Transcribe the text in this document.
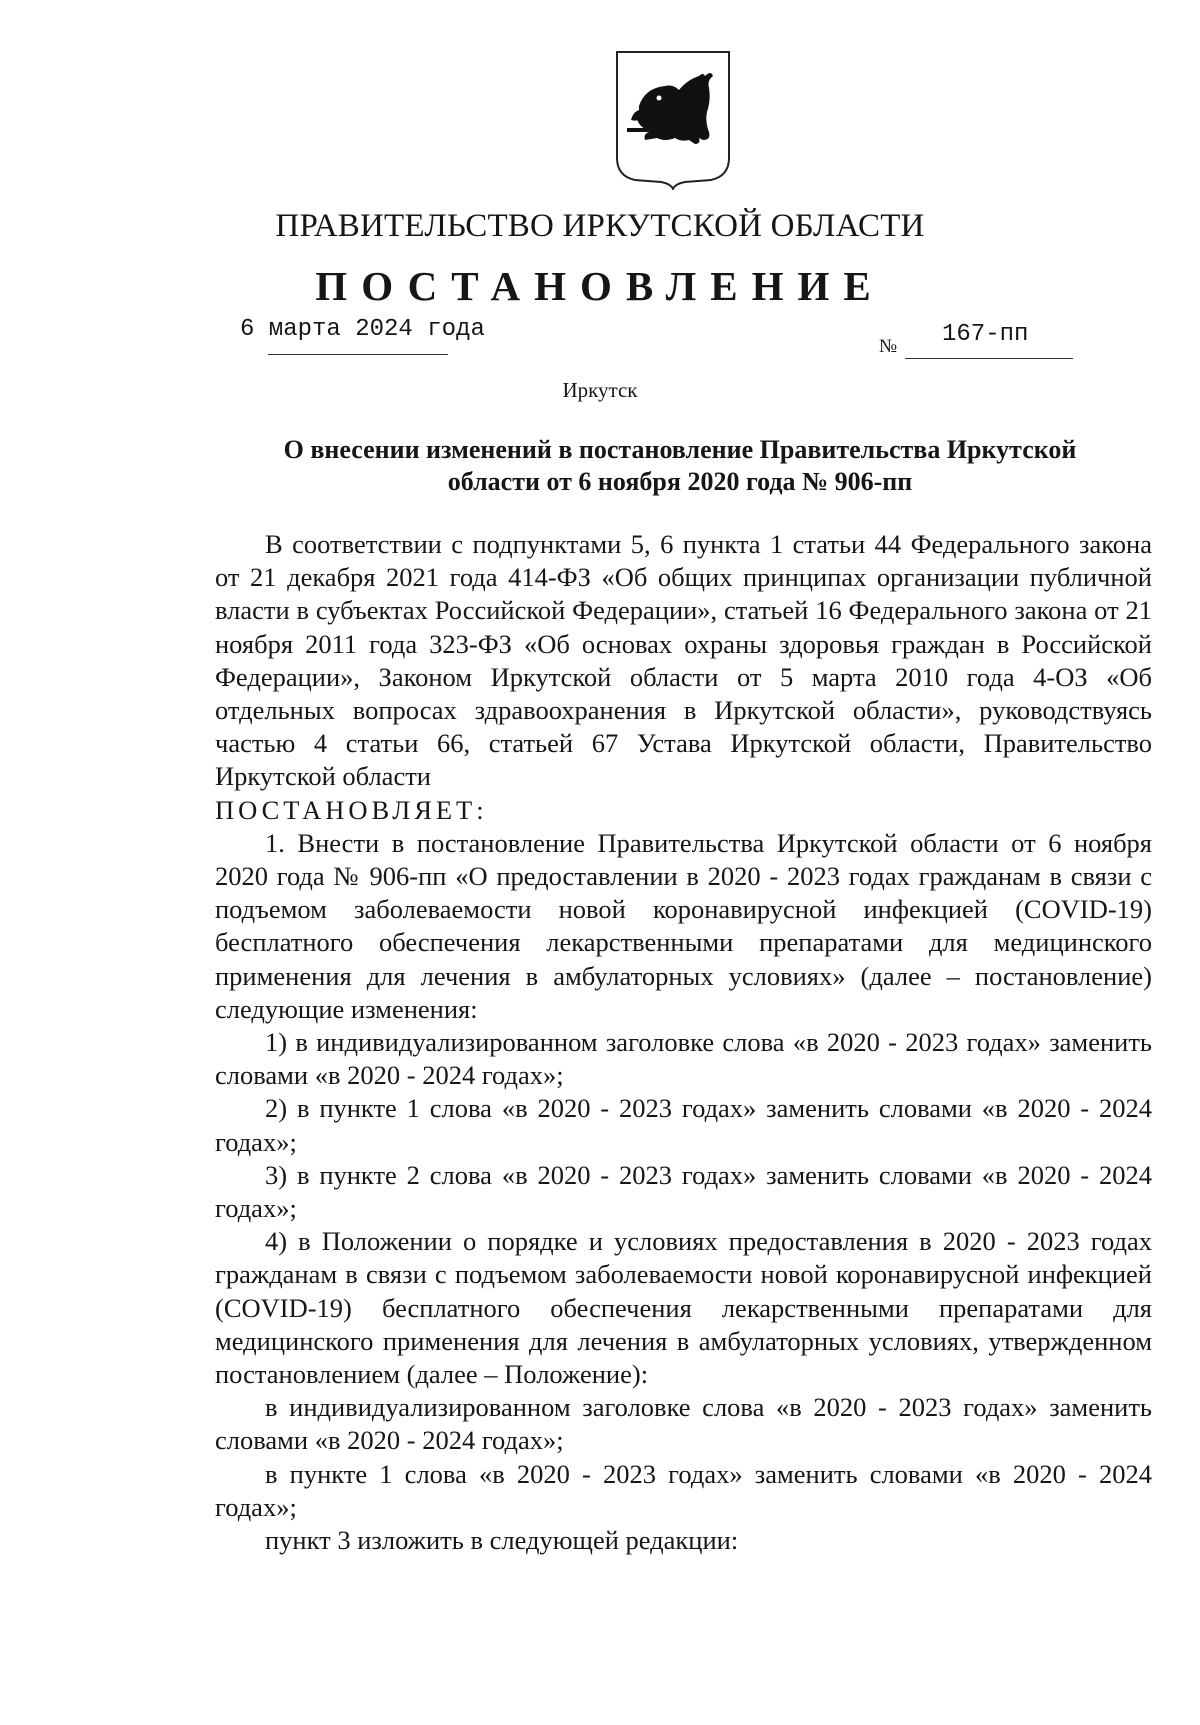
ПРАВИТЕЛЬСТВО ИРКУТСКОЙ ОБЛАСТИ
ПОСТАНОВЛЕНИЕ
6 марта 2024 года
№ 167-пп
Иркутск
О внесении изменений в постановление Правительства Иркутской
области от 6 ноября 2020 года № 906-пп

В соответствии с подпунктами 5, 6 пункта 1 статьи 44 Федерального закона от 21 декабря 2021 года 414-ФЗ «Об общих принципах организации публичной власти в субъектах Российской Федерации», статьей 16 Федерального закона от 21 ноября 2011 года 323-ФЗ «Об основах охраны здоровья граждан в Российской Федерации», Законом Иркутской области от 5 марта 2010 года 4-ОЗ «Об отдельных вопросах здравоохранения в Иркутской области», руководствуясь частью 4 статьи 66, статьей 67 Устава Иркутской области, Правительство Иркутской области

ПОСТАНОВЛЯЕТ:

1. Внести в постановление Правительства Иркутской области от 6 ноября 2020 года № 906-пп «О предоставлении в 2020 - 2023 годах гражданам в связи с подъемом заболеваемости новой коронавирусной инфекцией (COVID-19) бесплатного обеспечения лекарственными препаратами для медицинского применения для лечения в амбулаторных условиях» (далее – постановление) следующие изменения:

1) в индивидуализированном заголовке слова «в 2020 - 2023 годах» заменить словами «в 2020 - 2024 годах»;

2) в пункте 1 слова «в 2020 - 2023 годах» заменить словами «в 2020 - 2024 годах»;

3) в пункте 2 слова «в 2020 - 2023 годах» заменить словами «в 2020 - 2024 годах»;

4) в Положении о порядке и условиях предоставления в 2020 - 2023 годах гражданам в связи с подъемом заболеваемости новой коронавирусной инфекцией (COVID-19) бесплатного обеспечения лекарственными препаратами для медицинского применения для лечения в амбулаторных условиях, утвержденном постановлением (далее – Положение):

в индивидуализированном заголовке слова «в 2020 - 2023 годах» заменить словами «в 2020 - 2024 годах»;

в пункте 1 слова «в 2020 - 2023 годах» заменить словами «в 2020 - 2024 годах»;

пункт 3 изложить в следующей редакции:
